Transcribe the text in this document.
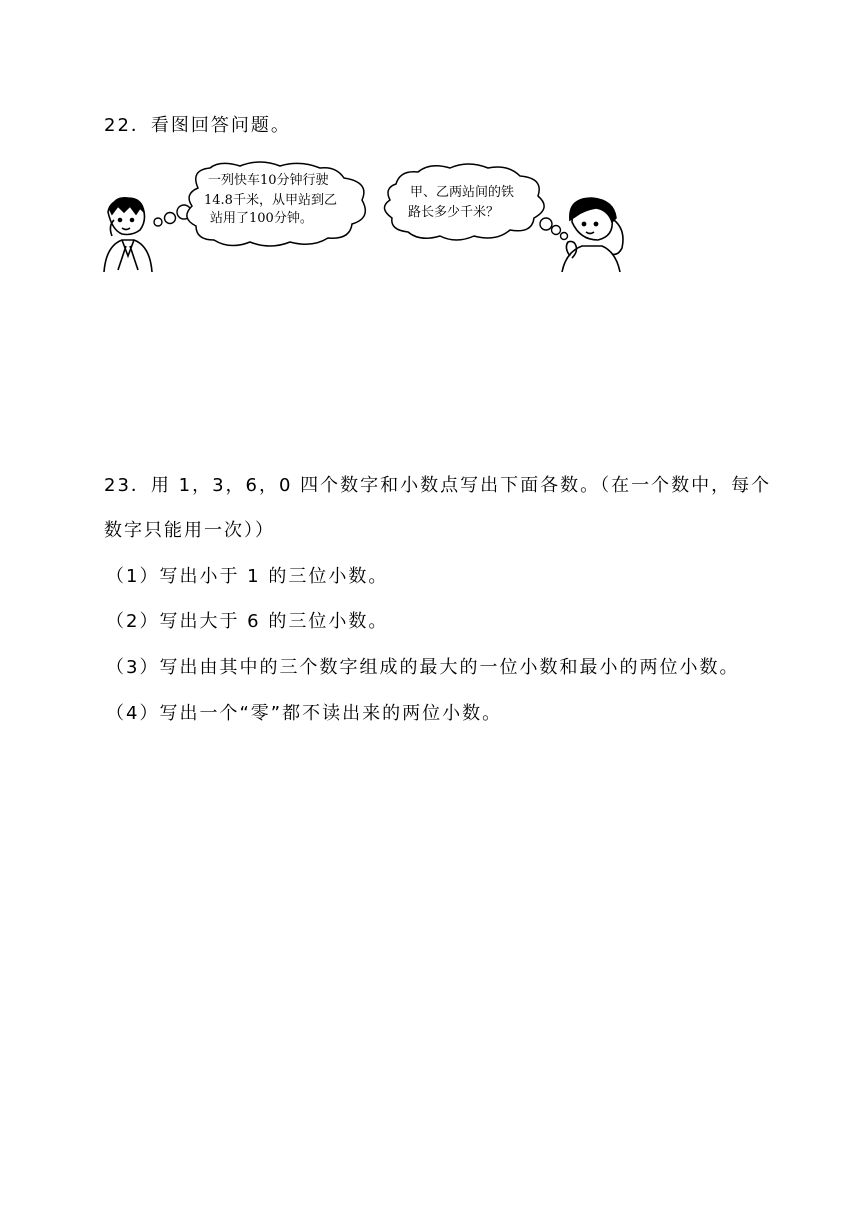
22．看图回答问题。
一列快车10分钟行驶
14.8千米，从甲站到乙
站用了100分钟。
甲、乙两站间的铁
路长多少千米？
23．用 1，3，6，0 四个数字和小数点写出下面各数。（在一个数中，每个
数字只能用一次））
（1）写出小于 1 的三位小数。
（2）写出大于 6 的三位小数。
（3）写出由其中的三个数字组成的最大的一位小数和最小的两位小数。
（4）写出一个“零”都不读出来的两位小数。
